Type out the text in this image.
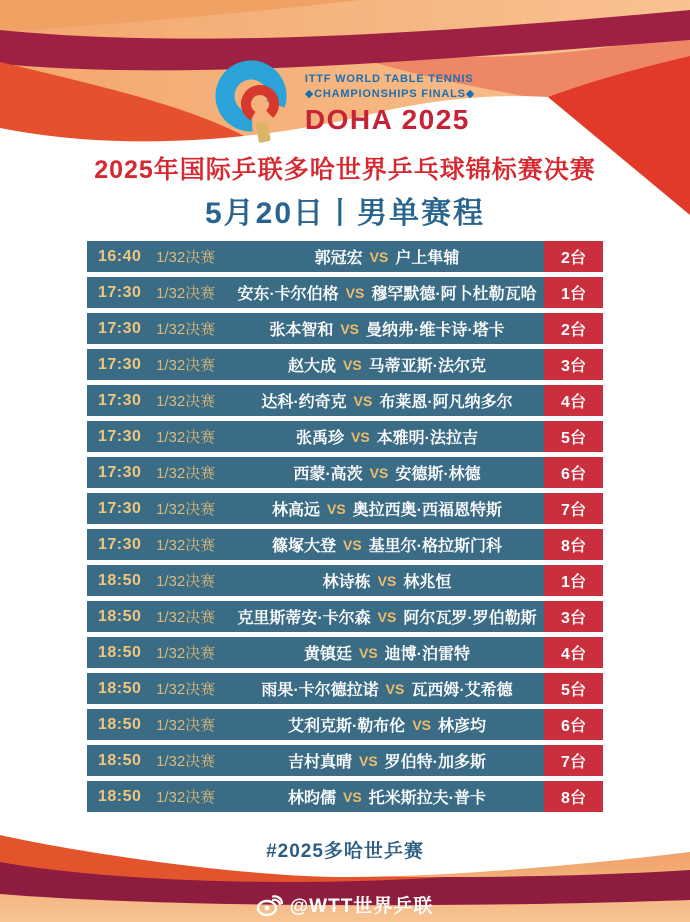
ITTF WORLD TABLE TENNIS
◆CHAMPIONSHIPS FINALS◆
DOHA 2025
2025年国际乒联多哈世界乒乓球锦标赛决赛
5月20日丨男单赛程
16:40 1/32决赛	郭冠宏 VS 户上隼辅	2台
17:30 1/32决赛	安东·卡尔伯格 VS 穆罕默德·阿卜杜勒瓦哈	1台
17:30 1/32决赛	张本智和 VS 曼纳弗·维卡诗·塔卡	2台
17:30 1/32决赛	赵大成 VS 马蒂亚斯·法尔克	3台
17:30 1/32决赛	达科·约奇克 VS 布莱恩·阿凡纳多尔	4台
17:30 1/32决赛	张禹珍 VS 本雅明·法拉吉	5台
17:30 1/32决赛	西蒙·高茨 VS 安德斯·林德	6台
17:30 1/32决赛	林高远 VS 奥拉西奥·西福恩特斯	7台
17:30 1/32决赛	篠塚大登 VS 基里尔·格拉斯门科	8台
18:50 1/32决赛	林诗栋 VS 林兆恒	1台
18:50 1/32决赛	克里斯蒂安·卡尔森 VS 阿尔瓦罗·罗伯勒斯	3台
18:50 1/32决赛	黄镇廷 VS 迪博·泊雷特	4台
18:50 1/32决赛	雨果·卡尔德拉诺 VS 瓦西姆·艾希德	5台
18:50 1/32决赛	艾利克斯·勒布伦 VS 林彦均	6台
18:50 1/32决赛	吉村真晴 VS 罗伯特·加多斯	7台
18:50 1/32决赛	林昀儒 VS 托米斯拉夫·普卡	8台
#2025多哈世乒赛
@WTT世界乒联
